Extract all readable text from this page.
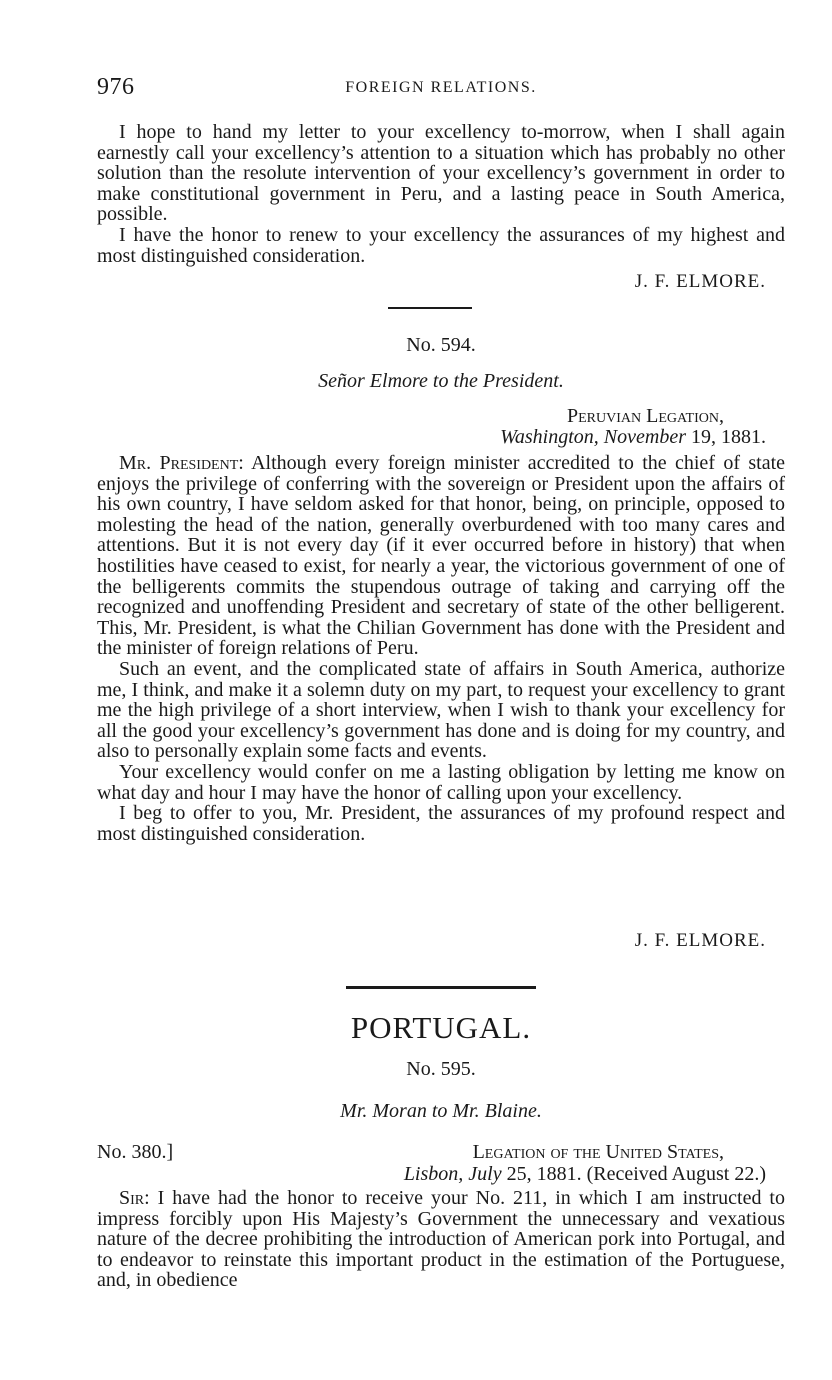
976	FOREIGN RELATIONS.

I hope to hand my letter to your excellency to-morrow, when I shall again earnestly call your excellency’s attention to a situation which has probably no other solution than the resolute intervention of your excellency’s government in order to make constitutional government in Peru, and a lasting peace in South America, possible.

I have the honor to renew to your excellency the assurances of my highest and most distinguished consideration.

J. F. ELMORE.
No. 594.
Señor Elmore to the President.
Peruvian Legation,
Washington, November 19, 1881.

Mr. President: Although every foreign minister accredited to the chief of state enjoys the privilege of conferring with the sovereign or President upon the affairs of his own country, I have seldom asked for that honor, being, on principle, opposed to molesting the head of the nation, generally overburdened with too many cares and attentions. But it is not every day (if it ever occurred before in history) that when hostilities have ceased to exist, for nearly a year, the victorious government of one of the belligerents commits the stupendous outrage of taking and carrying off the recognized and unoffending President and secretary of state of the other belligerent. This, Mr. President, is what the Chilian Government has done with the President and the minister of foreign relations of Peru.

Such an event, and the complicated state of affairs in South America, authorize me, I think, and make it a solemn duty on my part, to request your excellency to grant me the high privilege of a short interview, when I wish to thank your excellency for all the good your excellency’s government has done and is doing for my country, and also to personally explain some facts and events.

Your excellency would confer on me a lasting obligation by letting me know on what day and hour I may have the honor of calling upon your excellency.

I beg to offer to you, Mr. President, the assurances of my profound respect and most distinguished consideration.

J. F. ELMORE.
PORTUGAL.
No. 595.
Mr. Moran to Mr. Blaine.
No. 380.]	Legation of the United States,
Lisbon, July 25, 1881. (Received August 22.)

Sir: I have had the honor to receive your No. 211, in which I am instructed to impress forcibly upon His Majesty’s Government the unnecessary and vexatious nature of the decree prohibiting the introduction of American pork into Portugal, and to endeavor to reinstate this important product in the estimation of the Portuguese, and, in obedience
